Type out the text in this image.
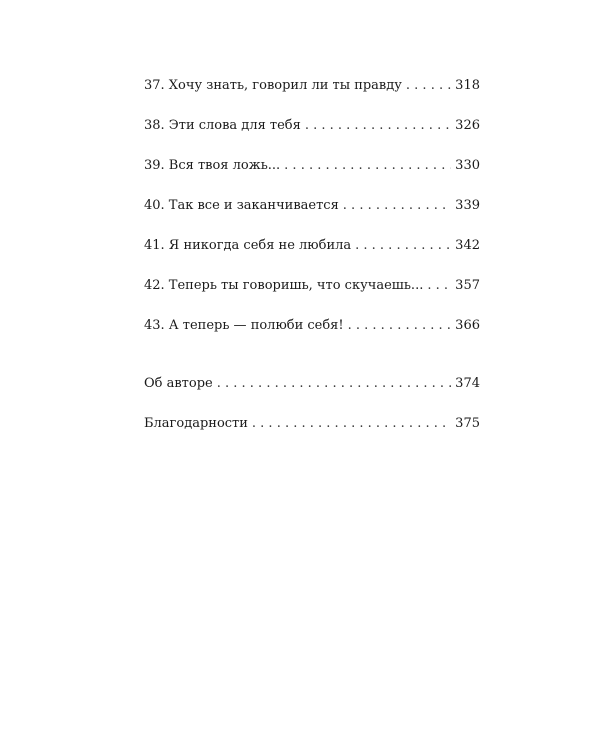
37. Хочу знать, говорил ли ты правду . . .	318
38. Эти слова для тебя . . .	326
39. Вся твоя ложь... . . .	330
40. Так все и заканчивается . . .	339
41. Я никогда себя не любила . . .	342
42. Теперь ты говоришь, что скучаешь... . . .	357
43. А теперь — полюби себя! . . .	366
Об авторе . . .	374
Благодарности . . .	375
